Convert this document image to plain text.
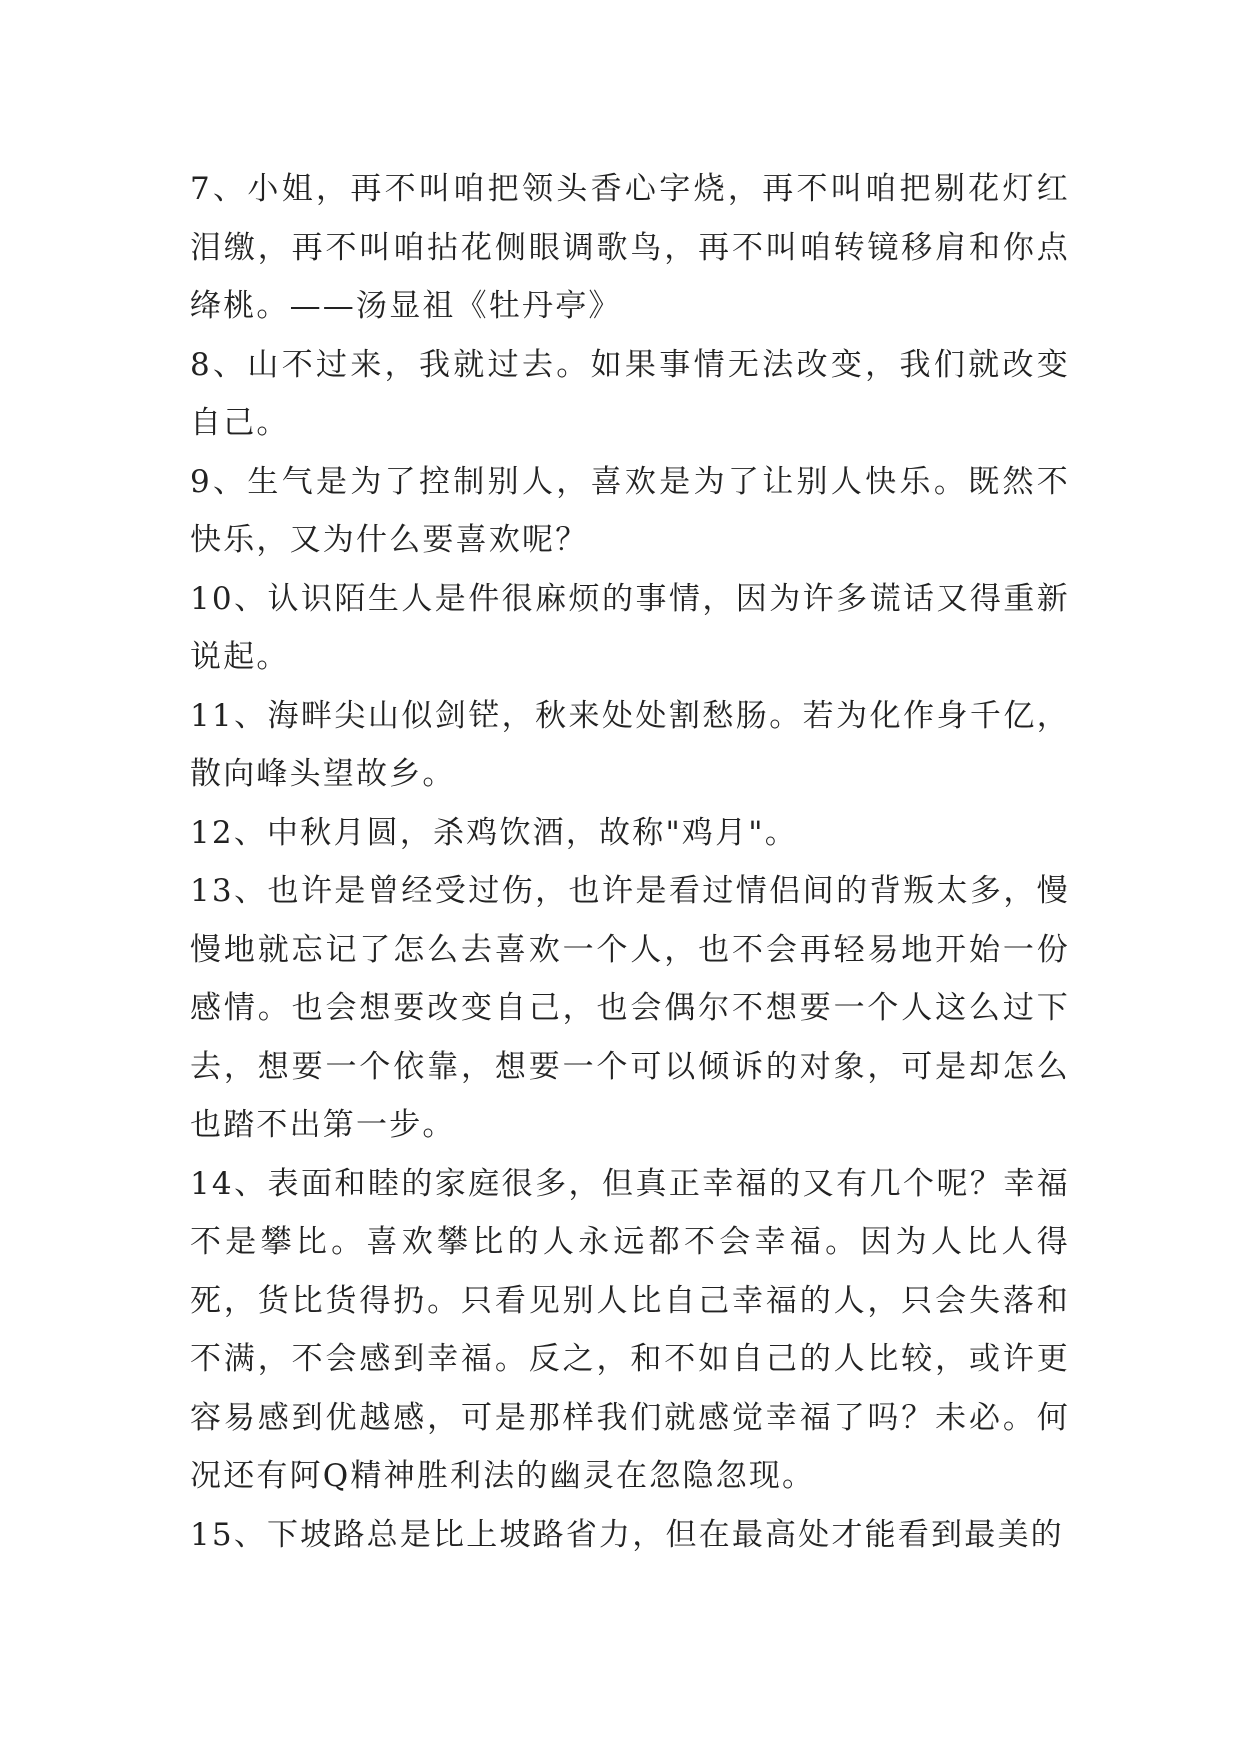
7、小姐，再不叫咱把领头香心字烧，再不叫咱把剔花灯红泪缴，再不叫咱拈花侧眼调歌鸟，再不叫咱转镜移肩和你点绛桃。——汤显祖《牡丹亭》

8、山不过来，我就过去。如果事情无法改变，我们就改变自己。

9、生气是为了控制别人，喜欢是为了让别人快乐。既然不快乐，又为什么要喜欢呢？

10、认识陌生人是件很麻烦的事情，因为许多谎话又得重新说起。

11、海畔尖山似剑铓，秋来处处割愁肠。若为化作身千亿，散向峰头望故乡。

12、中秋月圆，杀鸡饮酒，故称"鸡月"。

13、也许是曾经受过伤，也许是看过情侣间的背叛太多，慢慢地就忘记了怎么去喜欢一个人，也不会再轻易地开始一份感情。也会想要改变自己，也会偶尔不想要一个人这么过下去，想要一个依靠，想要一个可以倾诉的对象，可是却怎么也踏不出第一步。

14、表面和睦的家庭很多，但真正幸福的又有几个呢？幸福不是攀比。喜欢攀比的人永远都不会幸福。因为人比人得死，货比货得扔。只看见别人比自己幸福的人，只会失落和不满，不会感到幸福。反之，和不如自己的人比较，或许更容易感到优越感，可是那样我们就感觉幸福了吗？未必。何况还有阿Q精神胜利法的幽灵在忽隐忽现。

15、下坡路总是比上坡路省力，但在最高处才能看到最美的
